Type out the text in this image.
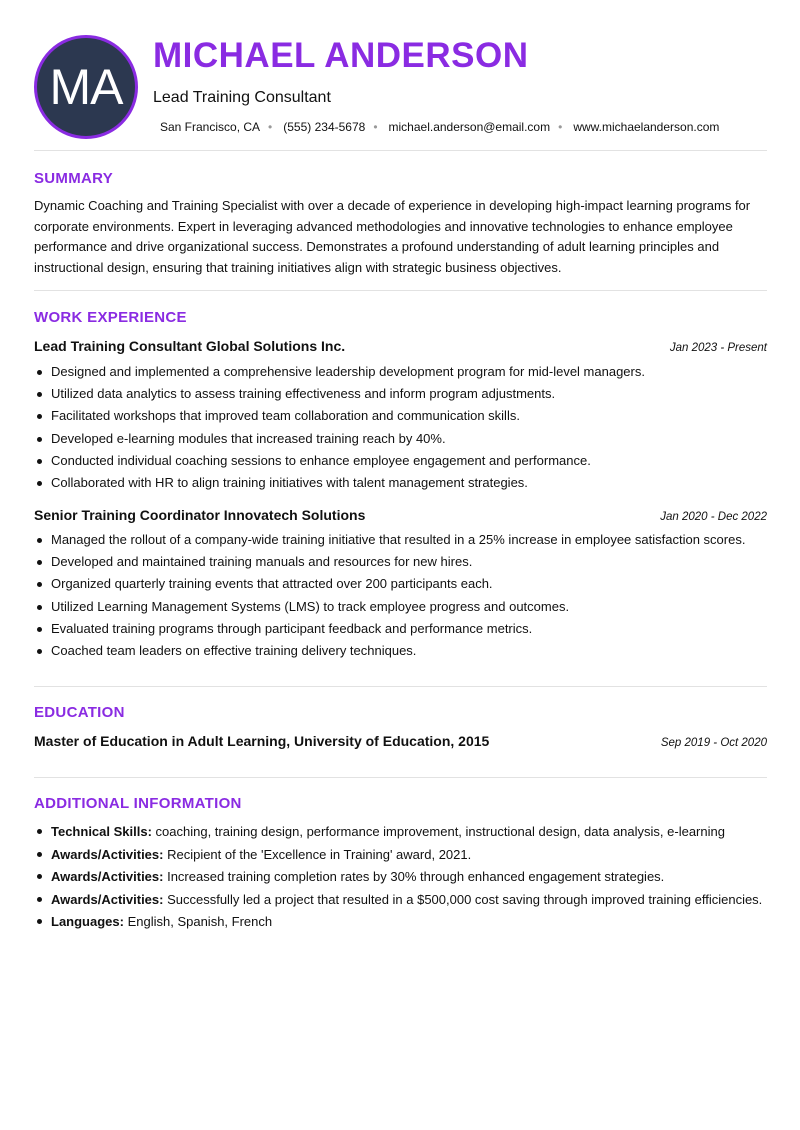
MA
MICHAEL ANDERSON
Lead Training Consultant
San Francisco, CA • (555) 234-5678 • michael.anderson@email.com • www.michaelanderson.com
SUMMARY

Dynamic Coaching and Training Specialist with over a decade of experience in developing high-impact learning programs for corporate environments. Expert in leveraging advanced methodologies and innovative technologies to enhance employee performance and drive organizational success. Demonstrates a profound understanding of adult learning principles and instructional design, ensuring that training initiatives align with strategic business objectives.

WORK EXPERIENCE
Lead Training Consultant Global Solutions Inc.	Jan 2023 - Present
Designed and implemented a comprehensive leadership development program for mid-level managers.
Utilized data analytics to assess training effectiveness and inform program adjustments.
Facilitated workshops that improved team collaboration and communication skills.
Developed e-learning modules that increased training reach by 40%.
Conducted individual coaching sessions to enhance employee engagement and performance.
Collaborated with HR to align training initiatives with talent management strategies.
Senior Training Coordinator Innovatech Solutions	Jan 2020 - Dec 2022
Managed the rollout of a company-wide training initiative that resulted in a 25% increase in employee satisfaction scores.
Developed and maintained training manuals and resources for new hires.
Organized quarterly training events that attracted over 200 participants each.
Utilized Learning Management Systems (LMS) to track employee progress and outcomes.
Evaluated training programs through participant feedback and performance metrics.
Coached team leaders on effective training delivery techniques.
EDUCATION
Master of Education in Adult Learning, University of Education, 2015	Sep 2019 - Oct 2020
ADDITIONAL INFORMATION
Technical Skills: coaching, training design, performance improvement, instructional design, data analysis, e-learning
Awards/Activities: Recipient of the 'Excellence in Training' award, 2021.
Awards/Activities: Increased training completion rates by 30% through enhanced engagement strategies.
Awards/Activities: Successfully led a project that resulted in a $500,000 cost saving through improved training efficiencies.
Languages: English, Spanish, French
